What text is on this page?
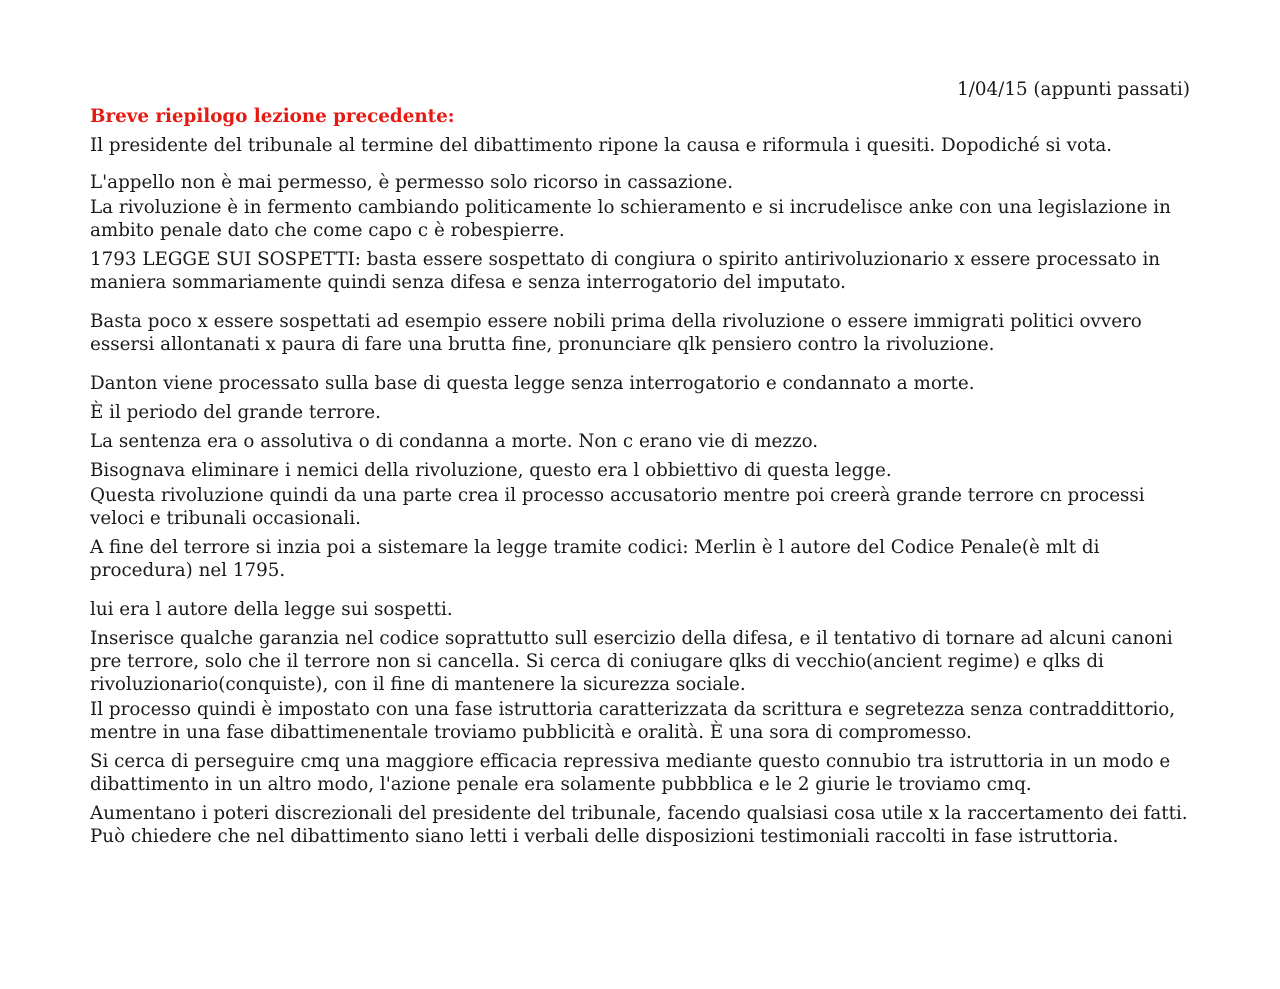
1/04/15 (appunti passati)
Breve riepilogo lezione precedente:
Il presidente del tribunale al termine del dibattimento ripone la causa e riformula i quesiti. Dopodiché si vota.
L'appello non è mai permesso, è permesso solo ricorso in cassazione.
La rivoluzione è in fermento cambiando politicamente lo schieramento e si incrudelisce anke con una legislazione in ambito penale dato che come capo c è robespierre.
1793 LEGGE SUI SOSPETTI: basta essere sospettato di congiura o spirito antirivoluzionario x essere processato in maniera sommariamente quindi senza difesa e senza interrogatorio del imputato.
Basta poco x essere sospettati ad esempio essere nobili prima della rivoluzione o essere immigrati politici ovvero essersi allontanati x paura di fare una brutta fine, pronunciare qlk pensiero contro la rivoluzione.
Danton viene processato sulla base di questa legge senza interrogatorio e condannato a morte.
È il periodo del grande terrore.
La sentenza era o assolutiva o di condanna a morte. Non c erano vie di mezzo.
Bisognava eliminare i nemici della rivoluzione, questo era l obbiettivo di questa legge.
Questa rivoluzione quindi da una parte crea il processo accusatorio mentre poi creerà grande terrore cn processi veloci e tribunali occasionali.
A fine del terrore si inzia poi a sistemare la legge tramite codici: Merlin è l autore del Codice Penale(è mlt di procedura) nel 1795.
lui era l autore della legge sui sospetti.
Inserisce qualche garanzia nel codice soprattutto sull esercizio della difesa, e il tentativo di tornare ad alcuni canoni pre terrore, solo che il terrore non si cancella. Si cerca di coniugare qlks di vecchio(ancient regime) e qlks di rivoluzionario(conquiste), con il fine di mantenere la sicurezza sociale.
Il processo quindi è impostato con una fase istruttoria caratterizzata da scrittura e segretezza senza contraddittorio, mentre in una fase dibattimenentale troviamo pubblicità e oralità. È una sora di compromesso.
Si cerca di perseguire cmq una maggiore efficacia repressiva mediante questo connubio tra istruttoria in un modo e dibattimento in un altro modo, l'azione penale era solamente pubbblica e le 2 giurie le troviamo cmq.
Aumentano i poteri discrezionali del presidente del tribunale, facendo qualsiasi cosa utile x la raccertamento dei fatti. Può chiedere che nel dibattimento siano letti i verbali delle disposizioni testimoniali raccolti in fase istruttoria.
